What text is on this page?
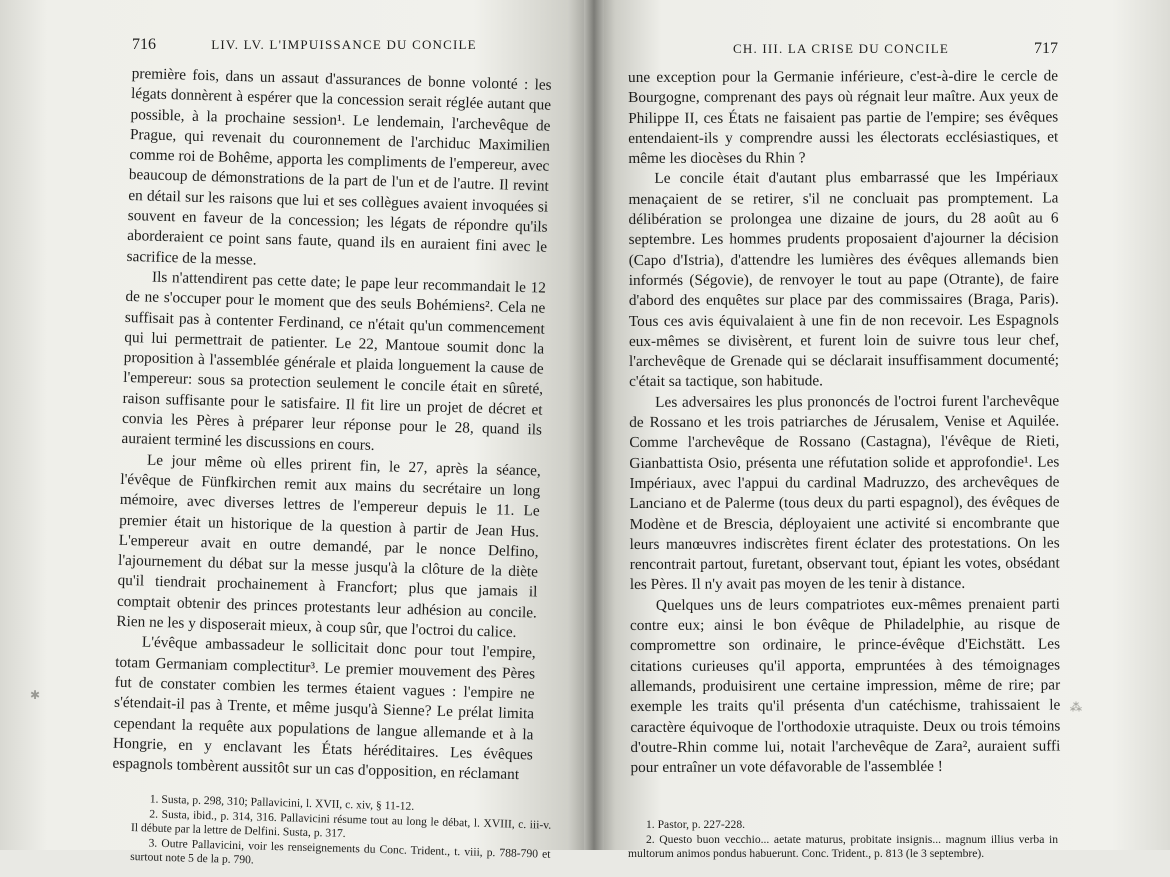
716	LIV. LV. L'IMPUISSANCE DU CONCILE

première fois, dans un assaut d'assurances de bonne volonté : les légats donnèrent à espérer que la concession serait réglée autant que possible, à la prochaine session¹. Le lendemain, l'archevêque de Prague, qui revenait du couronnement de l'archiduc Maximilien comme roi de Bohême, apporta les compliments de l'empereur, avec beaucoup de démonstrations de la part de l'un et de l'autre. Il revint en détail sur les raisons que lui et ses collègues avaient invoquées si souvent en faveur de la concession; les légats de répondre qu'ils aborderaient ce point sans faute, quand ils en auraient fini avec le sacrifice de la messe.

Ils n'attendirent pas cette date; le pape leur recommandait le 12 de ne s'occuper pour le moment que des seuls Bohémiens². Cela ne suffisait pas à contenter Ferdinand, ce n'était qu'un commencement qui lui permettrait de patienter. Le 22, Mantoue soumit donc la proposition à l'assemblée générale et plaida longuement la cause de l'empereur: sous sa protection seulement le concile était en sûreté, raison suffisante pour le satisfaire. Il fit lire un projet de décret et convia les Pères à préparer leur réponse pour le 28, quand ils auraient terminé les discussions en cours.

Le jour même où elles prirent fin, le 27, après la séance, l'évêque de Fünfkirchen remit aux mains du secrétaire un long mémoire, avec diverses lettres de l'empereur depuis le 11. Le premier était un historique de la question à partir de Jean Hus. L'empereur avait en outre demandé, par le nonce Delfino, l'ajournement du débat sur la messe jusqu'à la clôture de la diète qu'il tiendrait prochainement à Francfort; plus que jamais il comptait obtenir des princes protestants leur adhésion au concile. Rien ne les y disposerait mieux, à coup sûr, que l'octroi du calice.

L'évêque ambassadeur le sollicitait donc pour tout l'empire, totam Germaniam complectitur³. Le premier mouvement des Pères fut de constater combien les termes étaient vagues : l'empire ne s'étendait-il pas à Trente, et même jusqu'à Sienne? Le prélat limita cependant la requête aux populations de langue allemande et à la Hongrie, en y enclavant les États héréditaires. Les évêques espagnols tombèrent aussitôt sur un cas d'opposition, en réclamant

1. Susta, p. 298, 310; Pallavicini, l. XVII, c. xiv, § 11-12.

2. Susta, ibid., p. 314, 316. Pallavicini résume tout au long le débat, l. XVIII, c. iii-v. Il débute par la lettre de Delfini. Susta, p. 317.

3. Outre Pallavicini, voir les renseignements du Conc. Trident., t. viii, p. 788-790 et surtout note 5 de la p. 790.

CH. III. LA CRISE DU CONCILE	717

une exception pour la Germanie inférieure, c'est-à-dire le cercle de Bourgogne, comprenant des pays où régnait leur maître. Aux yeux de Philippe II, ces États ne faisaient pas partie de l'empire; ses évêques entendaient-ils y comprendre aussi les électorats ecclésiastiques, et même les diocèses du Rhin ?

Le concile était d'autant plus embarrassé que les Impériaux menaçaient de se retirer, s'il ne concluait pas promptement. La délibération se prolongea une dizaine de jours, du 28 août au 6 septembre. Les hommes prudents proposaient d'ajourner la décision (Capo d'Istria), d'attendre les lumières des évêques allemands bien informés (Ségovie), de renvoyer le tout au pape (Otrante), de faire d'abord des enquêtes sur place par des commissaires (Braga, Paris). Tous ces avis équivalaient à une fin de non recevoir. Les Espagnols eux-mêmes se divisèrent, et furent loin de suivre tous leur chef, l'archevêque de Grenade qui se déclarait insuffisamment documenté; c'était sa tactique, son habitude.

Les adversaires les plus prononcés de l'octroi furent l'archevêque de Rossano et les trois patriarches de Jérusalem, Venise et Aquilée. Comme l'archevêque de Rossano (Castagna), l'évêque de Rieti, Gianbattista Osio, présenta une réfutation solide et approfondie¹. Les Impériaux, avec l'appui du cardinal Madruzzo, des archevêques de Lanciano et de Palerme (tous deux du parti espagnol), des évêques de Modène et de Brescia, déployaient une activité si encombrante que leurs manœuvres indiscrètes firent éclater des protestations. On les rencontrait partout, furetant, observant tout, épiant les votes, obsédant les Pères. Il n'y avait pas moyen de les tenir à distance.

Quelques uns de leurs compatriotes eux-mêmes prenaient parti contre eux; ainsi le bon évêque de Philadelphie, au risque de compromettre son ordinaire, le prince-évêque d'Eichstätt. Les citations curieuses qu'il apporta, empruntées à des témoignages allemands, produisirent une certaine impression, même de rire; par exemple les traits qu'il présenta d'un catéchisme, trahissaient le caractère équivoque de l'orthodoxie utraquiste. Deux ou trois témoins d'outre-Rhin comme lui, notait l'archevêque de Zara², auraient suffi pour entraîner un vote défavorable de l'assemblée !

1. Pastor, p. 227-228.

2. Questo buon vecchio... aetate maturus, probitate insignis... magnum illius verba in multorum animos pondus habuerunt. Conc. Trident., p. 813 (le 3 septembre).

✱
⁂
